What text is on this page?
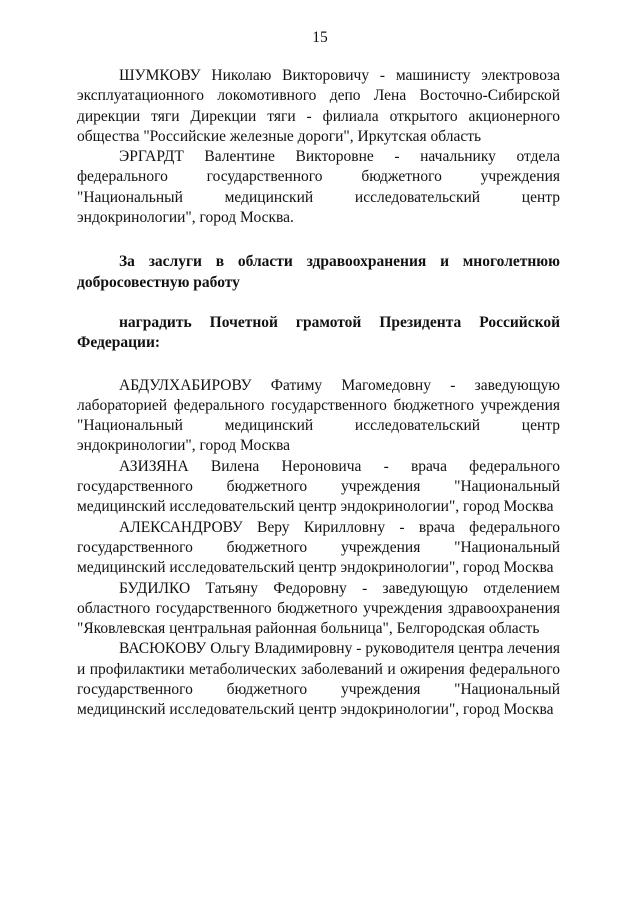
15

ШУМКОВУ Николаю Викторовичу - машинисту электровоза эксплуатационного локомотивного депо Лена Восточно-Сибирской дирекции тяги Дирекции тяги - филиала открытого акционерного общества "Российские железные дороги", Иркутская область

ЭРГАРДТ Валентине Викторовне - начальнику отдела федерального государственного бюджетного учреждения "Национальный медицинский исследовательский центр эндокринологии", город Москва.

За заслуги в области здравоохранения и многолетнюю добросовестную работу

наградить Почетной грамотой Президента Российской Федерации:

АБДУЛХАБИРОВУ Фатиму Магомедовну - заведующую лабораторией федерального государственного бюджетного учреждения "Национальный медицинский исследовательский центр эндокринологии", город Москва

АЗИЗЯНА Вилена Нероновича - врача федерального государственного бюджетного учреждения "Национальный медицинский исследовательский центр эндокринологии", город Москва

АЛЕКСАНДРОВУ Веру Кирилловну - врача федерального государственного бюджетного учреждения "Национальный медицинский исследовательский центр эндокринологии", город Москва

БУДИЛКО Татьяну Федоровну - заведующую отделением областного государственного бюджетного учреждения здравоохранения "Яковлевская центральная районная больница", Белгородская область

ВАСЮКОВУ Ольгу Владимировну - руководителя центра лечения и профилактики метаболических заболеваний и ожирения федерального государственного бюджетного учреждения "Национальный медицинский исследовательский центр эндокринологии", город Москва
